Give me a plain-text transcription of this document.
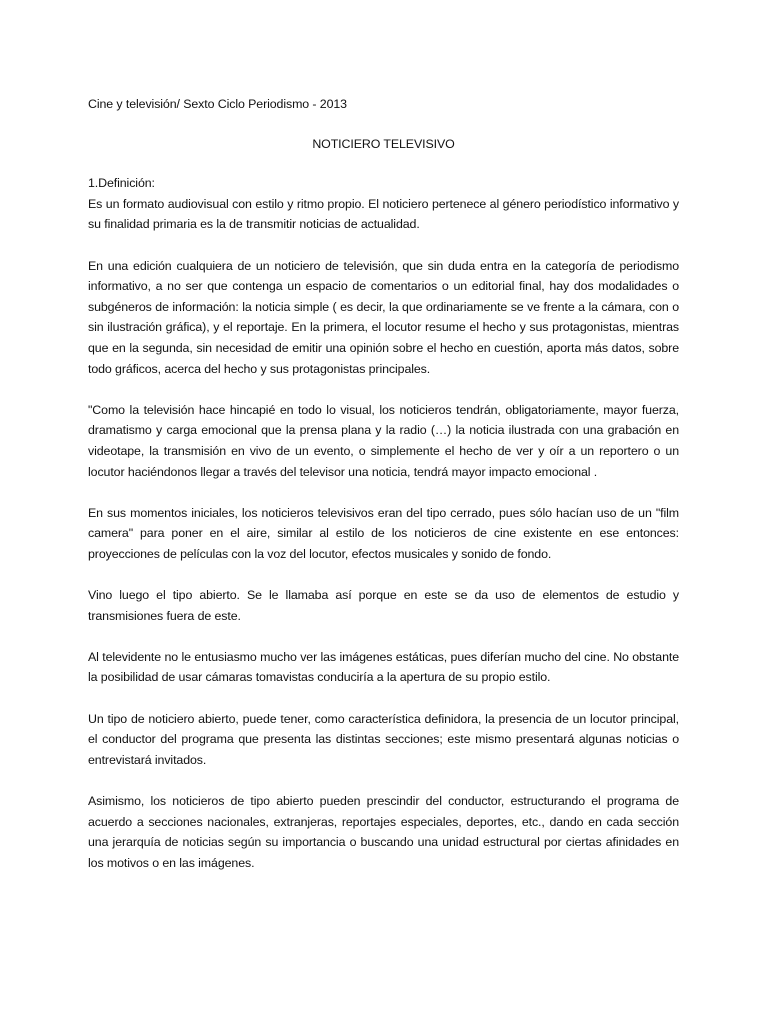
Cine y televisión/ Sexto Ciclo Periodismo - 2013

NOTICIERO TELEVISIVO

1.Definición:

Es un formato audiovisual con estilo y ritmo propio. El noticiero pertenece al género periodístico informativo y su finalidad primaria es la de transmitir noticias de actualidad.

En una edición cualquiera de un noticiero de televisión, que sin duda entra en la categoría de periodismo informativo, a no ser que contenga un espacio de comentarios o un editorial final, hay dos modalidades o subgéneros de información: la noticia simple ( es decir, la que ordinariamente se ve frente a la cámara, con o sin ilustración gráfica), y el reportaje. En la primera, el locutor resume el hecho y sus protagonistas, mientras que en la segunda, sin necesidad de emitir una opinión sobre el hecho en cuestión, aporta más datos, sobre todo gráficos, acerca del hecho y sus protagonistas principales.

"Como la televisión hace hincapié en todo lo visual, los noticieros tendrán, obligatoriamente, mayor fuerza, dramatismo y carga emocional que la prensa plana y la radio (…) la noticia ilustrada con una grabación en videotape, la transmisión en vivo de un evento, o simplemente el hecho de ver y oír a un reportero o un locutor haciéndonos llegar a través del televisor una noticia, tendrá mayor impacto emocional .

En sus momentos iniciales, los noticieros televisivos eran del tipo cerrado, pues sólo hacían uso de un "film camera" para poner en el aire, similar al estilo de los noticieros de cine existente en ese entonces: proyecciones de películas con la voz del locutor, efectos musicales y sonido de fondo.

Vino luego el tipo abierto. Se le llamaba así porque en este se da uso de elementos de estudio y transmisiones fuera de este.

Al televidente no le entusiasmo mucho ver las imágenes estáticas, pues diferían mucho del cine. No obstante la posibilidad de usar cámaras tomavistas conduciría a la apertura de su propio estilo.

Un tipo de noticiero abierto, puede tener, como característica definidora, la presencia de un locutor principal, el conductor del programa que presenta las distintas secciones; este mismo presentará algunas noticias o entrevistará invitados.

Asimismo, los noticieros de tipo abierto pueden prescindir del conductor, estructurando el programa de acuerdo a secciones nacionales, extranjeras, reportajes especiales, deportes, etc., dando en cada sección una jerarquía de noticias según su importancia o buscando una unidad estructural por ciertas afinidades en los motivos o en las imágenes.
